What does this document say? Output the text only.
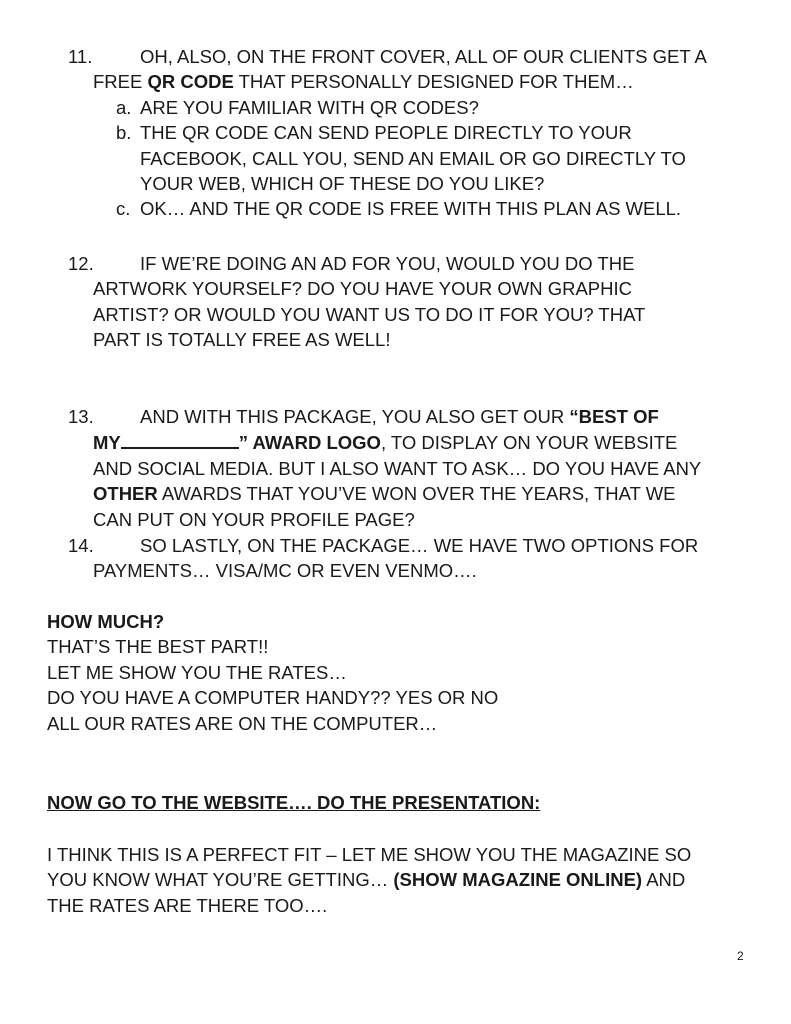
11.	OH, ALSO, ON THE FRONT COVER, ALL OF OUR CLIENTS GET A
FREE QR CODE THAT PERSONALLY DESIGNED FOR THEM…
a. ARE YOU FAMILIAR WITH QR CODES?
b. THE QR CODE CAN SEND PEOPLE DIRECTLY TO YOUR
FACEBOOK, CALL YOU, SEND AN EMAIL OR GO DIRECTLY TO
YOUR WEB, WHICH OF THESE DO YOU LIKE?
c. OK… AND THE QR CODE IS FREE WITH THIS PLAN AS WELL.
12.	IF WE’RE DOING AN AD FOR YOU, WOULD YOU DO THE
ARTWORK YOURSELF? DO YOU HAVE YOUR OWN GRAPHIC
ARTIST? OR WOULD YOU WANT US TO DO IT FOR YOU? THAT
PART IS TOTALLY FREE AS WELL!
13.	AND WITH THIS PACKAGE, YOU ALSO GET OUR “BEST OF
MY	” AWARD LOGO, TO DISPLAY ON YOUR WEBSITE
AND SOCIAL MEDIA. BUT I ALSO WANT TO ASK… DO YOU HAVE ANY
OTHER AWARDS THAT YOU’VE WON OVER THE YEARS, THAT WE
CAN PUT ON YOUR PROFILE PAGE?
14.	SO LASTLY, ON THE PACKAGE… WE HAVE TWO OPTIONS FOR
PAYMENTS… VISA/MC OR EVEN VENMO….
HOW MUCH?
THAT’S THE BEST PART!!
LET ME SHOW YOU THE RATES…
DO YOU HAVE A COMPUTER HANDY?? YES OR NO
ALL OUR RATES ARE ON THE COMPUTER…
NOW GO TO THE WEBSITE…. DO THE PRESENTATION:
I THINK THIS IS A PERFECT FIT – LET ME SHOW YOU THE MAGAZINE SO
YOU KNOW WHAT YOU’RE GETTING… (SHOW MAGAZINE ONLINE) AND
THE RATES ARE THERE TOO….
2
